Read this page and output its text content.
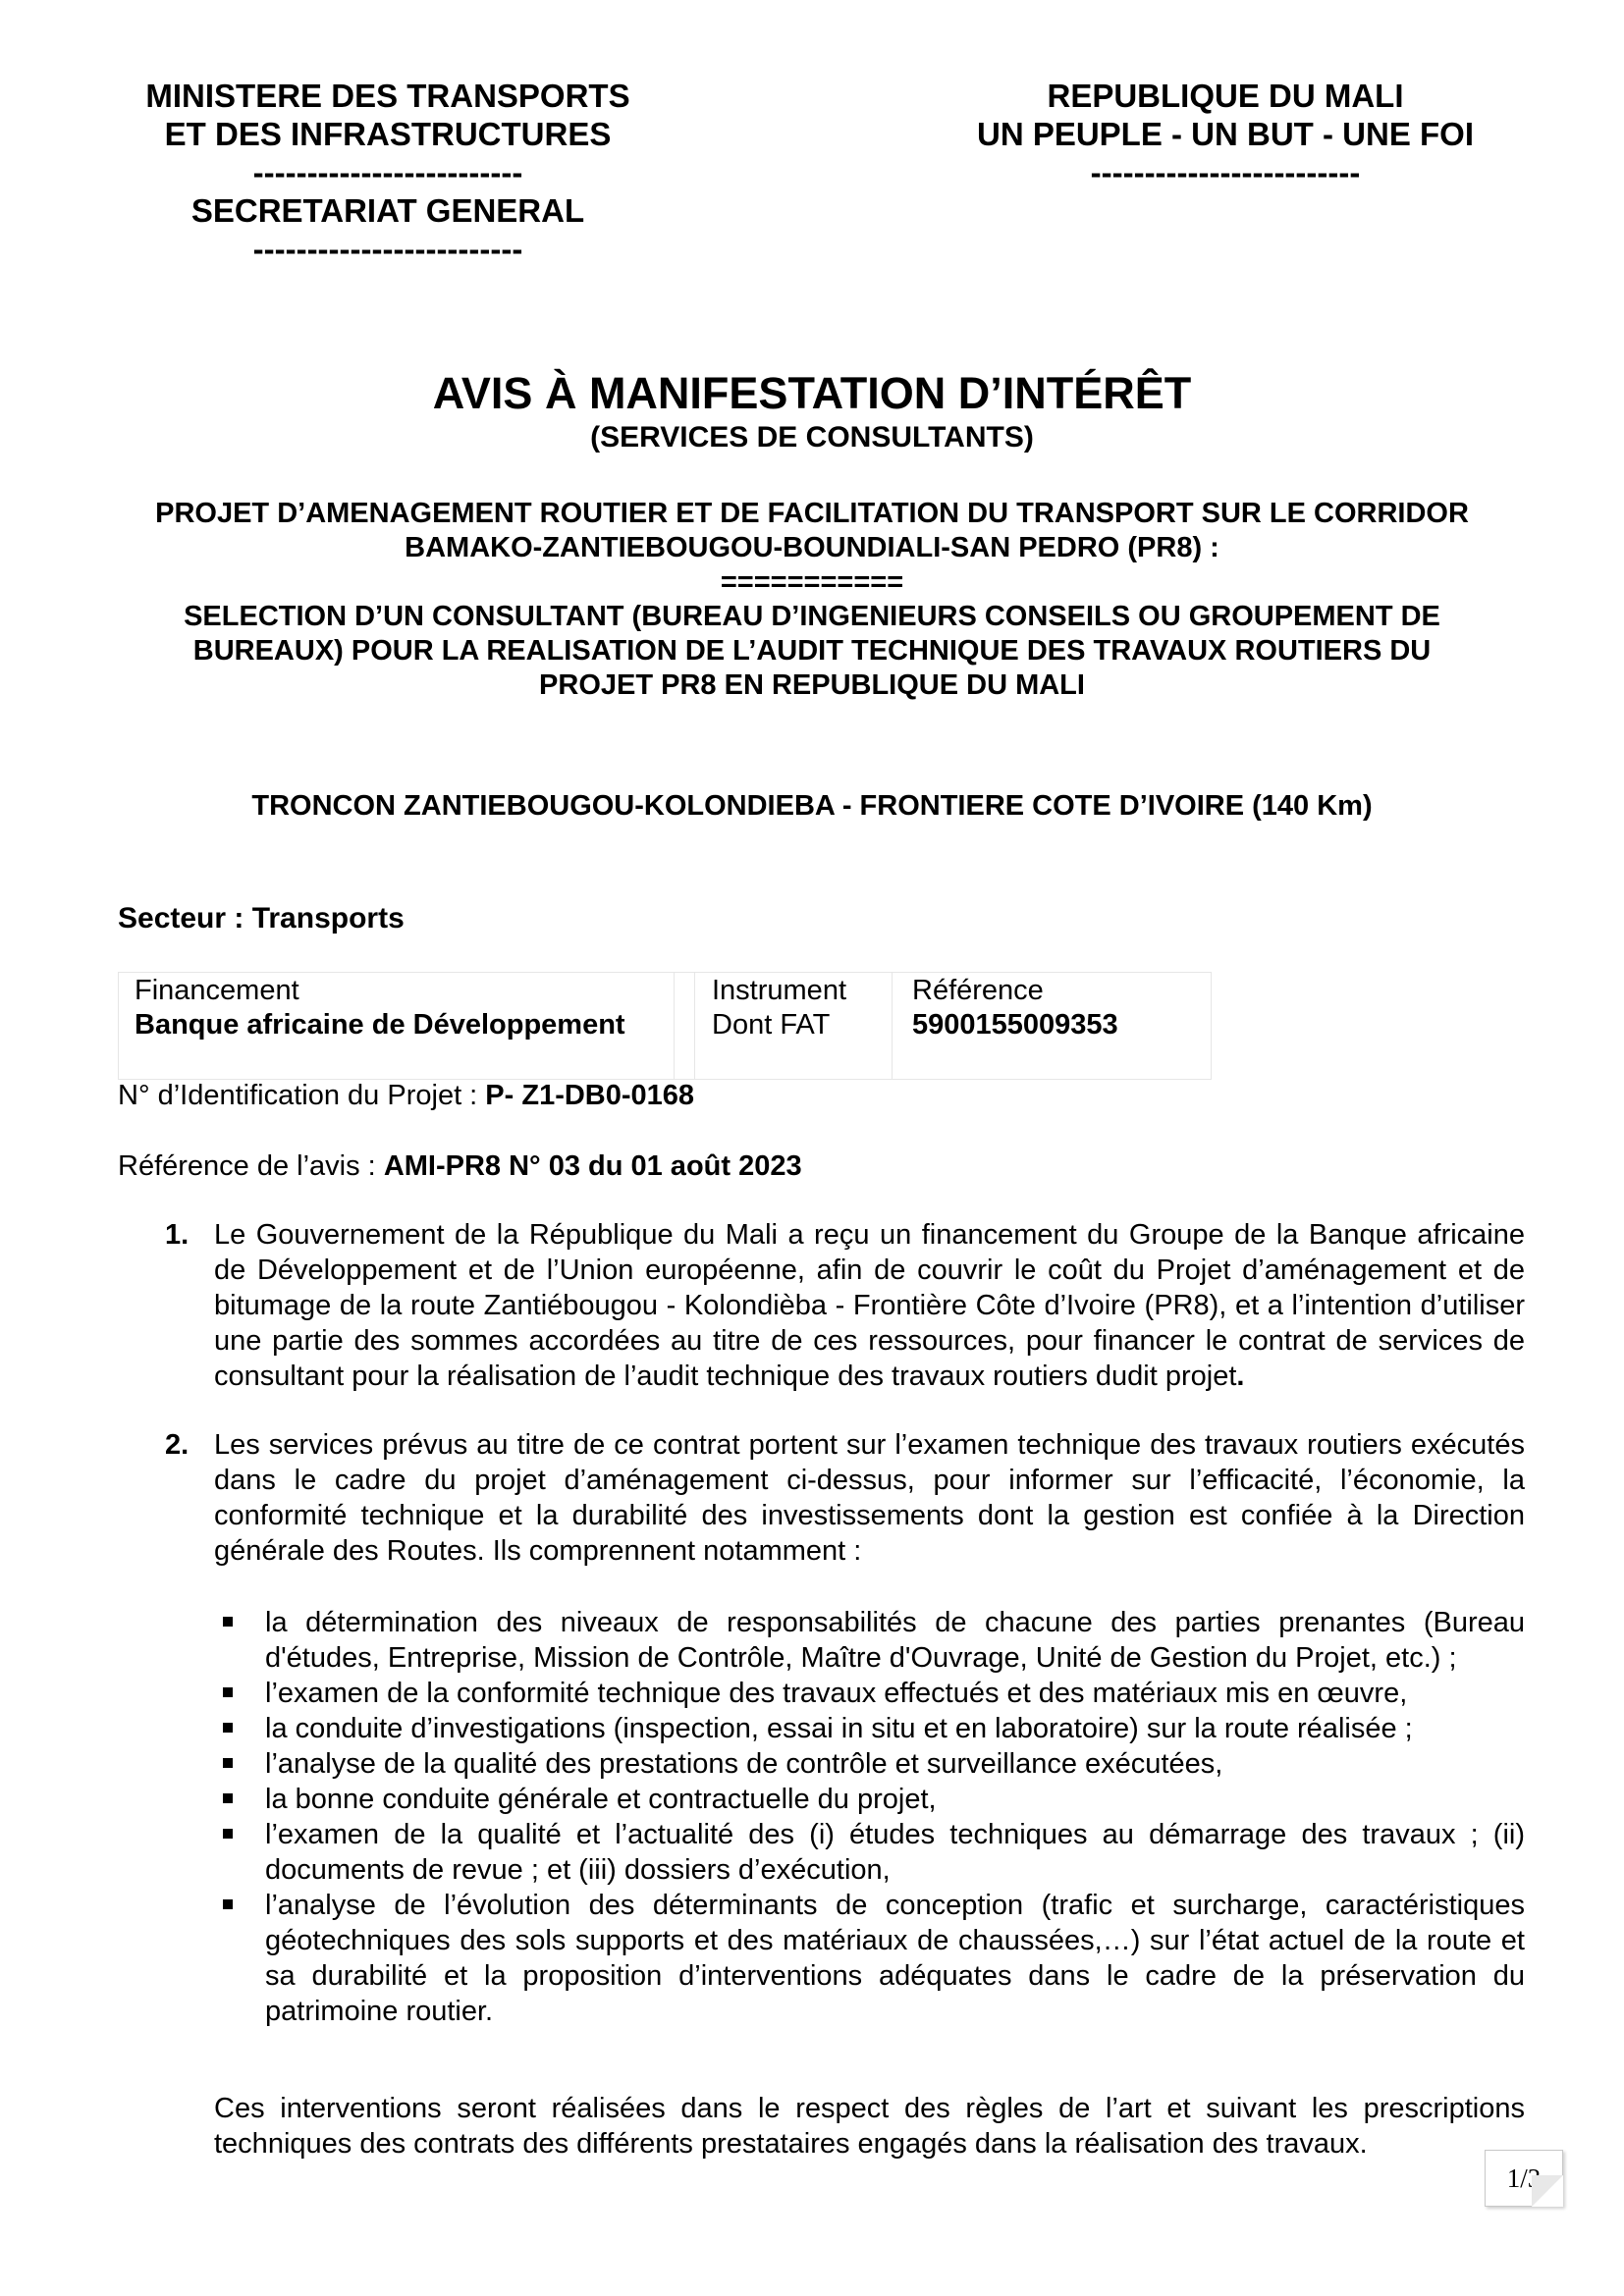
MINISTERE DES TRANSPORTS
ET DES INFRASTRUCTURES
-------------------------
SECRETARIAT GENERAL
-------------------------
REPUBLIQUE DU MALI
UN PEUPLE - UN BUT - UNE FOI
-------------------------
AVIS À MANIFESTATION D’INTÉRÊT
(SERVICES DE CONSULTANTS)
PROJET D’AMENAGEMENT ROUTIER ET DE FACILITATION DU TRANSPORT SUR LE CORRIDOR
BAMAKO-ZANTIEBOUGOU-BOUNDIALI-SAN PEDRO (PR8) :
===========
SELECTION D’UN CONSULTANT (BUREAU D’INGENIEURS CONSEILS OU GROUPEMENT DE
BUREAUX) POUR LA REALISATION DE L’AUDIT TECHNIQUE DES TRAVAUX ROUTIERS DU
PROJET PR8 EN REPUBLIQUE DU MALI
TRONCON ZANTIEBOUGOU-KOLONDIEBA - FRONTIERE COTE D’IVOIRE (140 Km)
Secteur : Transports
Financement
Banque africaine de Développement
Instrument
Dont FAT
Référence
5900155009353
N° d’Identification du Projet : P- Z1-DB0-0168
Référence de l’avis : AMI-PR8 N° 03 du 01 août 2023
1. Le Gouvernement de la République du Mali a reçu un financement du Groupe de la Banque africaine de Développement et de l’Union européenne, afin de couvrir le coût du Projet d’aménagement et de bitumage de la route Zantiébougou - Kolondièba - Frontière Côte d’Ivoire (PR8), et a l’intention d’utiliser une partie des sommes accordées au titre de ces ressources, pour financer le contrat de services de consultant pour la réalisation de l’audit technique des travaux routiers dudit projet.
2. Les services prévus au titre de ce contrat portent sur l’examen technique des travaux routiers exécutés dans le cadre du projet d’aménagement ci-dessus, pour informer sur l’efficacité, l’économie, la conformité technique et la durabilité des investissements dont la gestion est confiée à la Direction générale des Routes. Ils comprennent notamment :
la détermination des niveaux de responsabilités de chacune des parties prenantes (Bureau d'études, Entreprise, Mission de Contrôle, Maître d'Ouvrage, Unité de Gestion du Projet, etc.) ;
l’examen de la conformité technique des travaux effectués et des matériaux mis en œuvre,
la conduite d’investigations (inspection, essai in situ et en laboratoire) sur la route réalisée ;
l’analyse de la qualité des prestations de contrôle et surveillance exécutées,
la bonne conduite générale et contractuelle du projet,
l’examen de la qualité et l’actualité des (i) études techniques au démarrage des travaux ; (ii) documents de revue ; et (iii) dossiers d’exécution,
l’analyse de l’évolution des déterminants de conception (trafic et surcharge, caractéristiques géotechniques des sols supports et des matériaux de chaussées,…) sur l’état actuel de la route et sa durabilité et la proposition d’interventions adéquates dans le cadre de la préservation du patrimoine routier.
Ces interventions seront réalisées dans le respect des règles de l’art et suivant les prescriptions techniques des contrats des différents prestataires engagés dans la réalisation des travaux.
1/3
